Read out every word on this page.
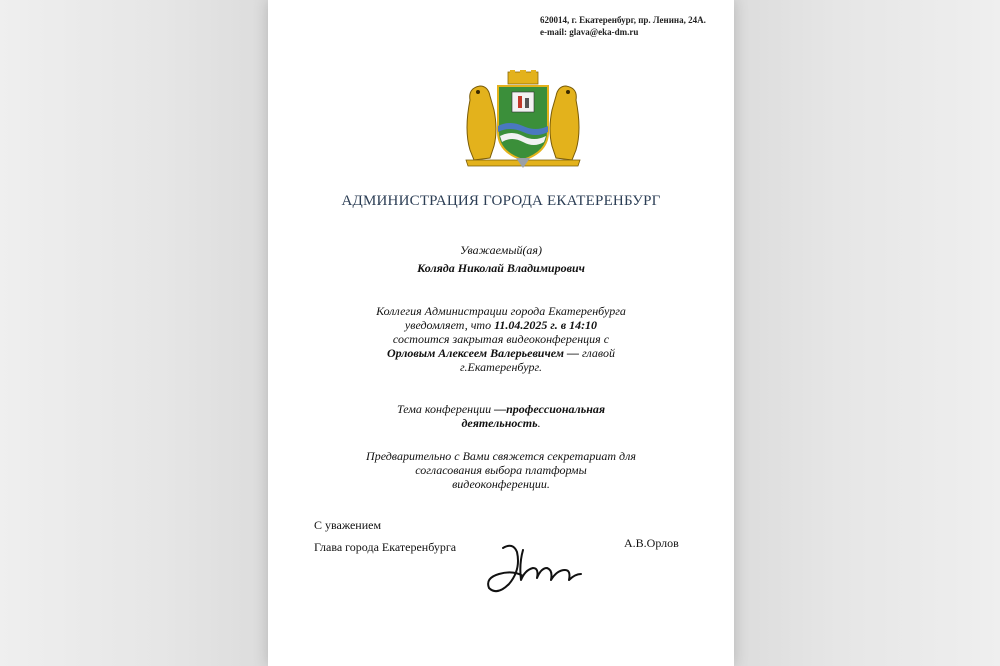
620014, г. Екатеренбург, пр. Ленина, 24А.
e-mail: glava@eka-dm.ru
АДМИНИСТРАЦИЯ ГОРОДА ЕКАТЕРЕНБУРГ
Уважаемый(ая)
Коляда Николай Владимирович
Коллегия Администрации города Екатеренбурга
уведомляет, что 11.04.2025 г. в 14:10
состоится закрытая видеоконференция с
Орловым Алексеем Валерьевичем — главой
г.Екатеренбург.
Тема конференции —профессиональная
деятельность.
Предварительно с Вами свяжется секретариат для
согласования выбора платформы
видеоконференции.
С уважением
Глава города Екатеренбурга	А.В.Орлов
